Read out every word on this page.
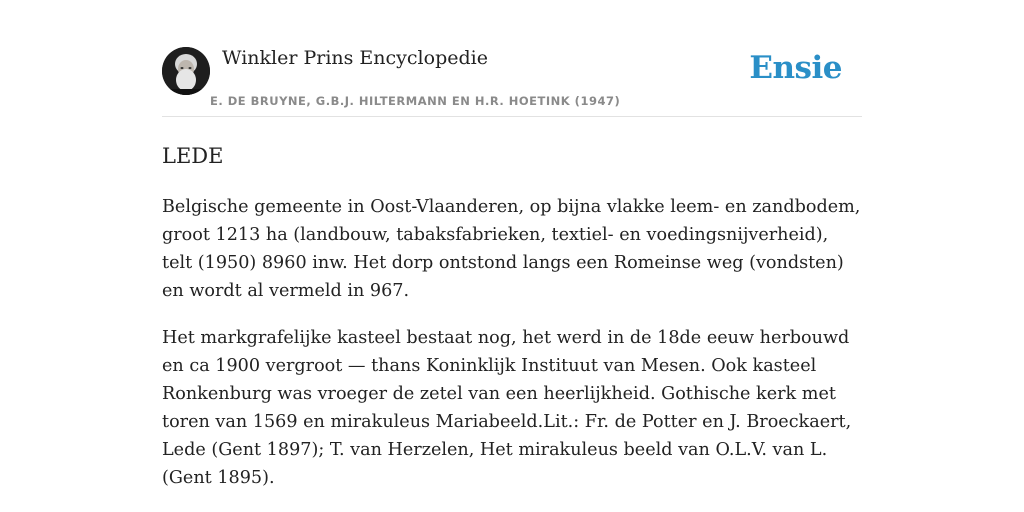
Winkler Prins Encyclopedie
E. DE BRUYNE, G.B.J. HILTERMANN EN H.R. HOETINK (1947)
Ensie
LEDE

Belgische gemeente in Oost-Vlaanderen, op bijna vlakke leem- en zandbodem, groot 1213 ha (landbouw, tabaksfabrieken, textiel- en voedingsnijverheid), telt (1950) 8960 inw. Het dorp ontstond langs een Romeinse weg (vondsten) en wordt al vermeld in 967.

Het markgrafelijke kasteel bestaat nog, het werd in de 18de eeuw herbouwd en ca 1900 vergroot — thans Koninklijk Instituut van Mesen. Ook kasteel Ronkenburg was vroeger de zetel van een heerlijkheid. Gothische kerk met toren van 1569 en mirakuleus Mariabeeld.Lit.: Fr. de Potter en J. Broeckaert, Lede (Gent 1897); T. van Herzelen, Het mirakuleus beeld van O.L.V. van L. (Gent 1895).
